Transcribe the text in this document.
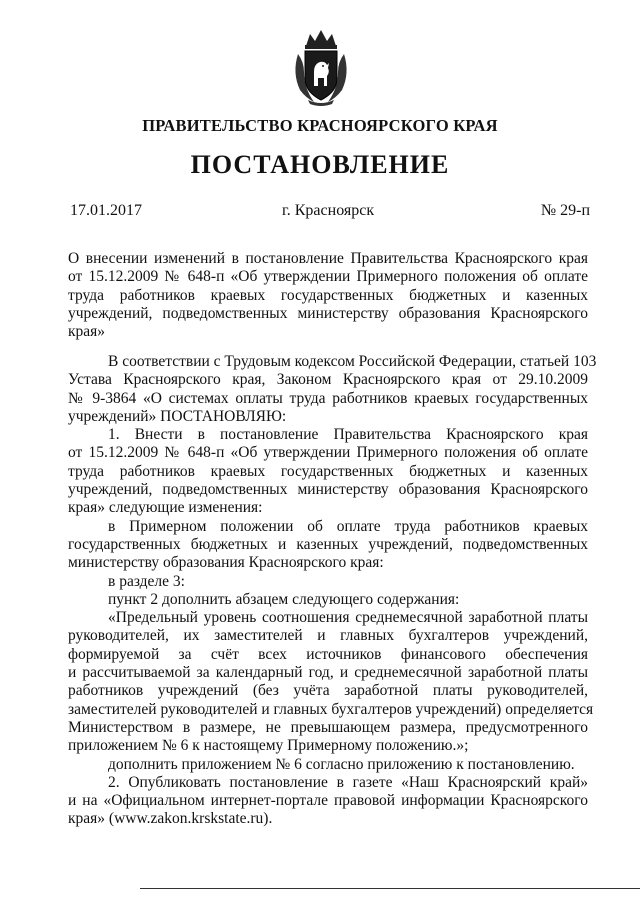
ПРАВИТЕЛЬСТВО КРАСНОЯРСКОГО КРАЯ
ПОСТАНОВЛЕНИЕ
17.01.2017	г. Красноярск	№ 29-п
О внесении изменений в постановление Правительства Красноярского края
от 15.12.2009 № 648-п «Об утверждении Примерного положения об оплате
труда работников краевых государственных бюджетных и казенных
учреждений, подведомственных министерству образования Красноярского
края»
В соответствии с Трудовым кодексом Российской Федерации, статьей 103
Устава Красноярского края, Законом Красноярского края от 29.10.2009
№ 9-3864 «О системах оплаты труда работников краевых государственных
учреждений» ПОСТАНОВЛЯЮ:
1. Внести в постановление Правительства Красноярского края
от 15.12.2009 № 648-п «Об утверждении Примерного положения об оплате
труда работников краевых государственных бюджетных и казенных
учреждений, подведомственных министерству образования Красноярского
края» следующие изменения:
в Примерном положении об оплате труда работников краевых
государственных бюджетных и казенных учреждений, подведомственных
министерству образования Красноярского края:
в разделе 3:
пункт 2 дополнить абзацем следующего содержания:
«Предельный уровень соотношения среднемесячной заработной платы
руководителей, их заместителей и главных бухгалтеров учреждений,
формируемой за счёт всех источников финансового обеспечения
и рассчитываемой за календарный год, и среднемесячной заработной платы
работников учреждений (без учёта заработной платы руководителей,
заместителей руководителей и главных бухгалтеров учреждений) определяется
Министерством в размере, не превышающем размера, предусмотренного
приложением № 6 к настоящему Примерному положению.»;
дополнить приложением № 6 согласно приложению к постановлению.
2. Опубликовать постановление в газете «Наш Красноярский край»
и на «Официальном интернет-портале правовой информации Красноярского
края» (www.zakon.krskstate.ru).
